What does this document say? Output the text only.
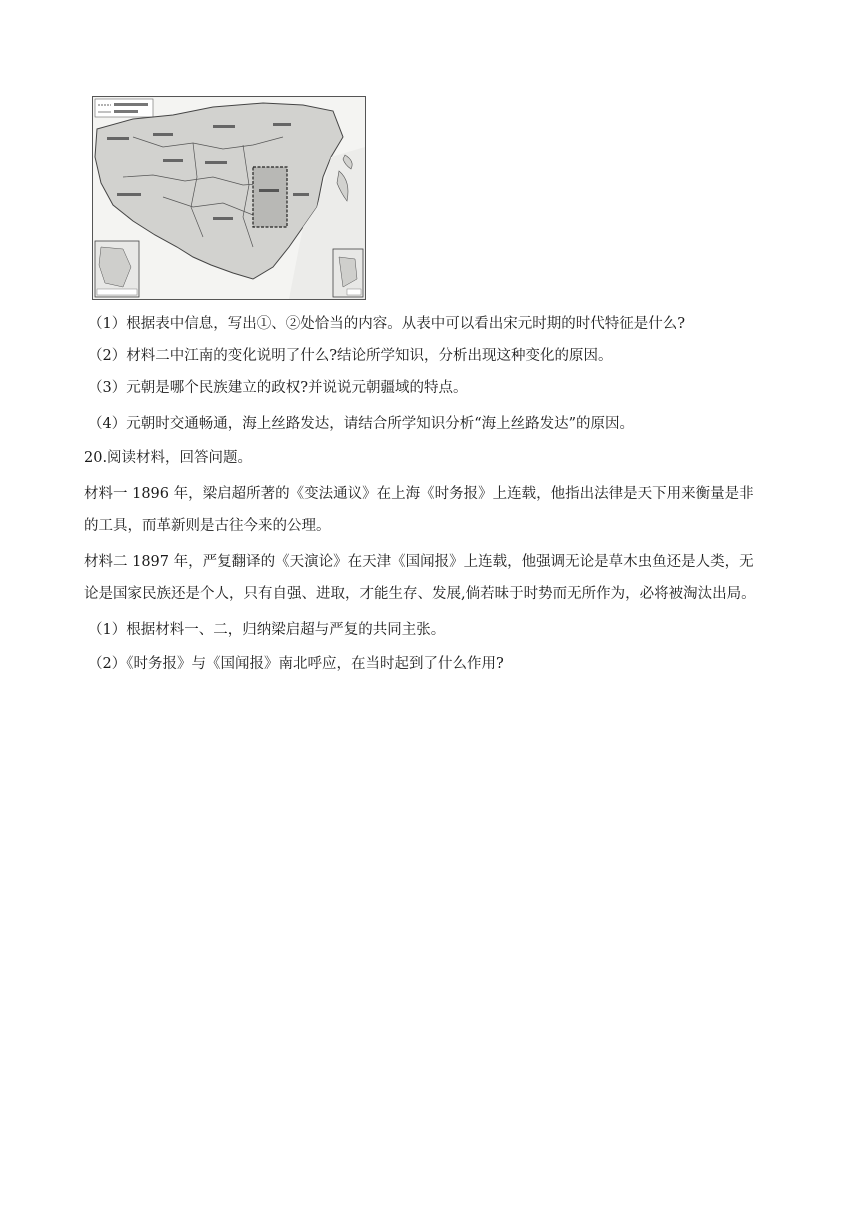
（1）根据表中信息，写出①、②处恰当的内容。从表中可以看出宋元时期的时代特征是什么?
（2）材料二中江南的变化说明了什么?结论所学知识，分析出现这种变化的原因。
（3）元朝是哪个民族建立的政权?并说说元朝疆域的特点。
（4）元朝时交通畅通，海上丝路发达，请结合所学知识分析“海上丝路发达”的原因。
20.阅读材料，回答问题。
材料一 1896 年，梁启超所著的《变法通议》在上海《时务报》上连载，他指出法律是天下用来衡量是非
的工具，而革新则是古往今来的公理。
材料二 1897 年，严复翻译的《天演论》在天津《国闻报》上连载，他强调无论是草木虫鱼还是人类，无
论是国家民族还是个人，只有自强、进取，才能生存、发展,倘若昧于时势而无所作为，必将被淘汰出局。
（1）根据材料一、二，归纳梁启超与严复的共同主张。
（2）《时务报》与《国闻报》南北呼应，在当时起到了什么作用?
